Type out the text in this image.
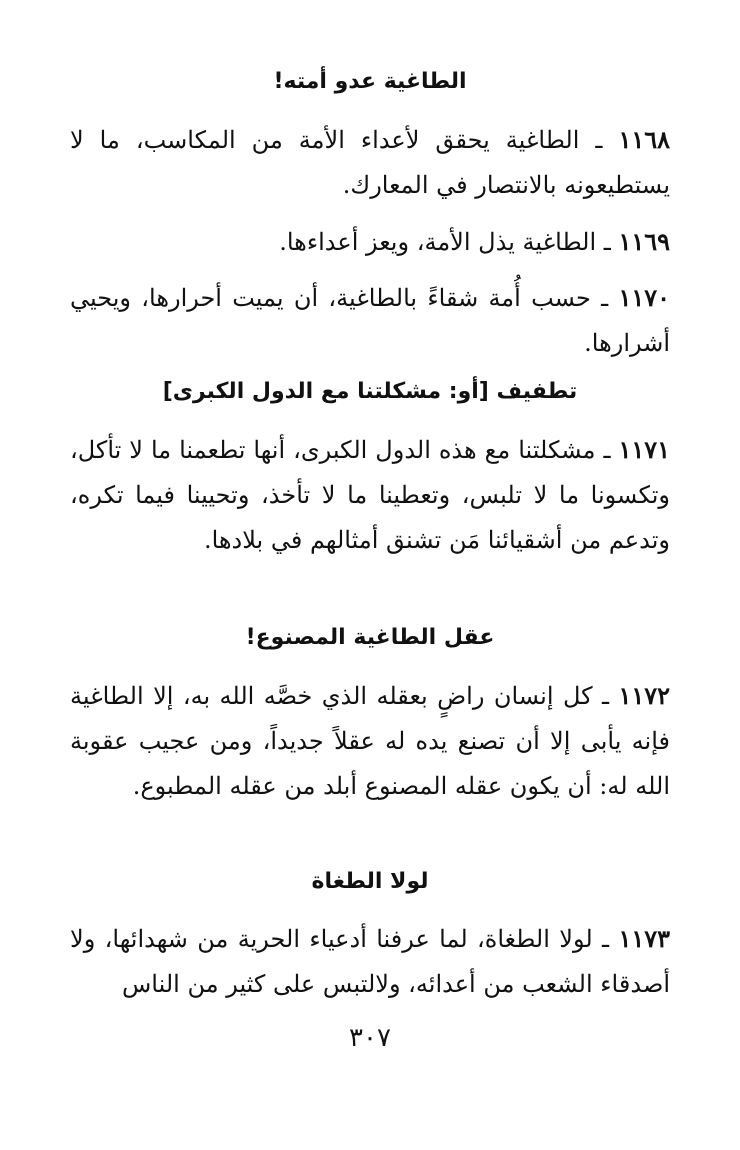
الطاغية عدو أمته!

١١٦٨ ـ الطاغية يحقق لأعداء الأمة من المكاسب، ما لا يستطيعونه بالانتصار في المعارك.

١١٦٩ ـ الطاغية يذل الأمة، ويعز أعداءها.

١١٧٠ ـ حسب أُمة شقاءً بالطاغية، أن يميت أحرارها، ويحيي أشرارها.

تطفيف [أو: مشكلتنا مع الدول الكبرى]

١١٧١ ـ مشكلتنا مع هذه الدول الكبرى، أنها تطعمنا ما لا تأكل، وتكسونا ما لا تلبس، وتعطينا ما لا تأخذ، وتحيينا فيما تكره، وتدعم من أشقيائنا مَن تشنق أمثالهم في بلادها.

عقل الطاغية المصنوع!

١١٧٢ ـ كل إنسان راضٍ بعقله الذي خصَّه الله به، إلا الطاغية فإنه يأبى إلا أن تصنع يده له عقلاً جديداً، ومن عجيب عقوبة الله له: أن يكون عقله المصنوع أبلد من عقله المطبوع.

لولا الطغاة

١١٧٣ ـ لولا الطغاة، لما عرفنا أدعياء الحرية من شهدائها، ولا أصدقاء الشعب من أعدائه، ولالتبس على كثير من الناس

٣٠٧
